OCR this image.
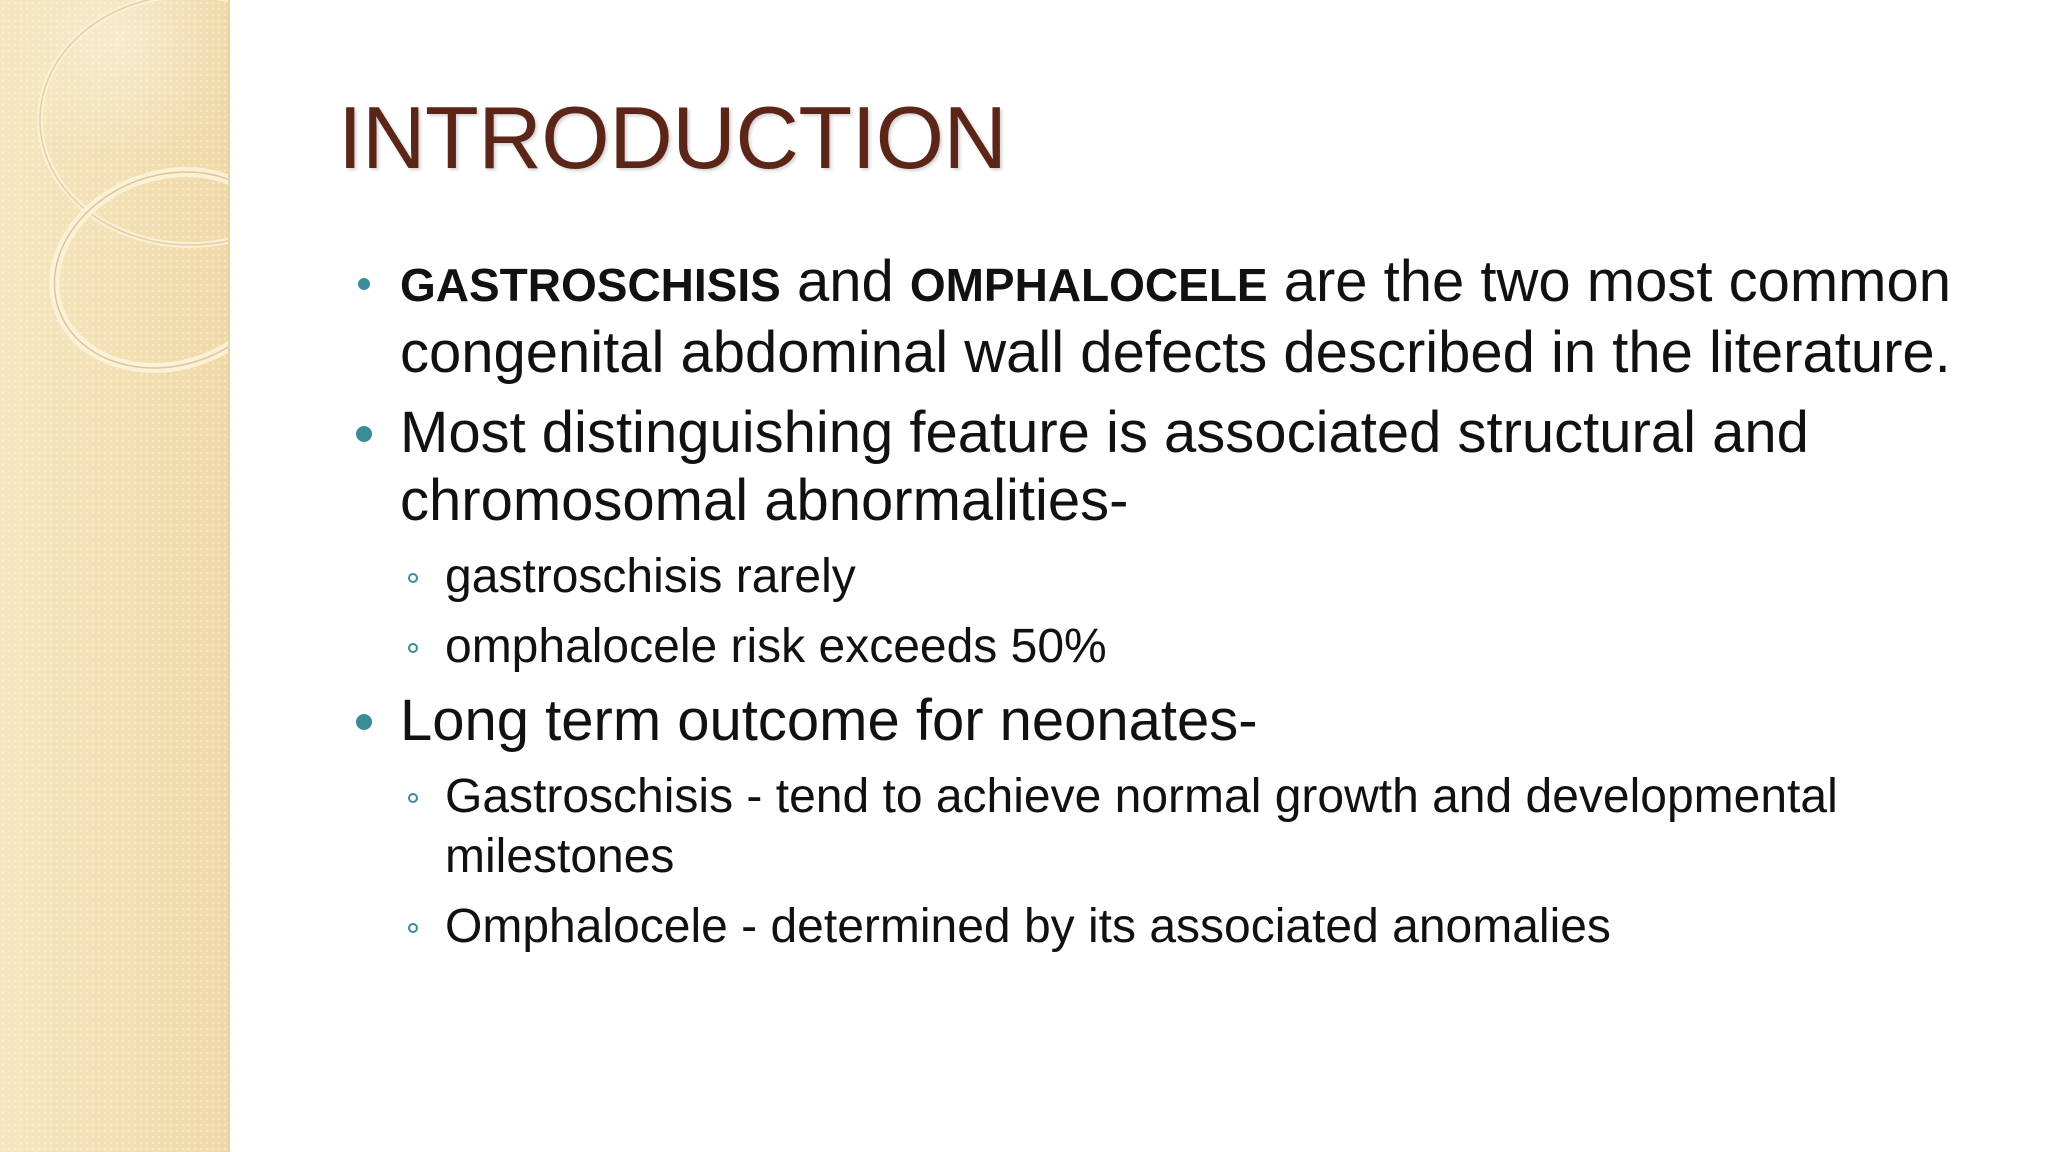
INTRODUCTION
GASTROSCHISIS and OMPHALOCELE are the two most common congenital abdominal wall defects described in the literature.
Most distinguishing feature is associated structural and chromosomal abnormalities-
gastroschisis rarely
omphalocele risk exceeds 50%
Long term outcome for neonates-
Gastroschisis - tend to achieve normal growth and developmental milestones
Omphalocele - determined by its associated anomalies
